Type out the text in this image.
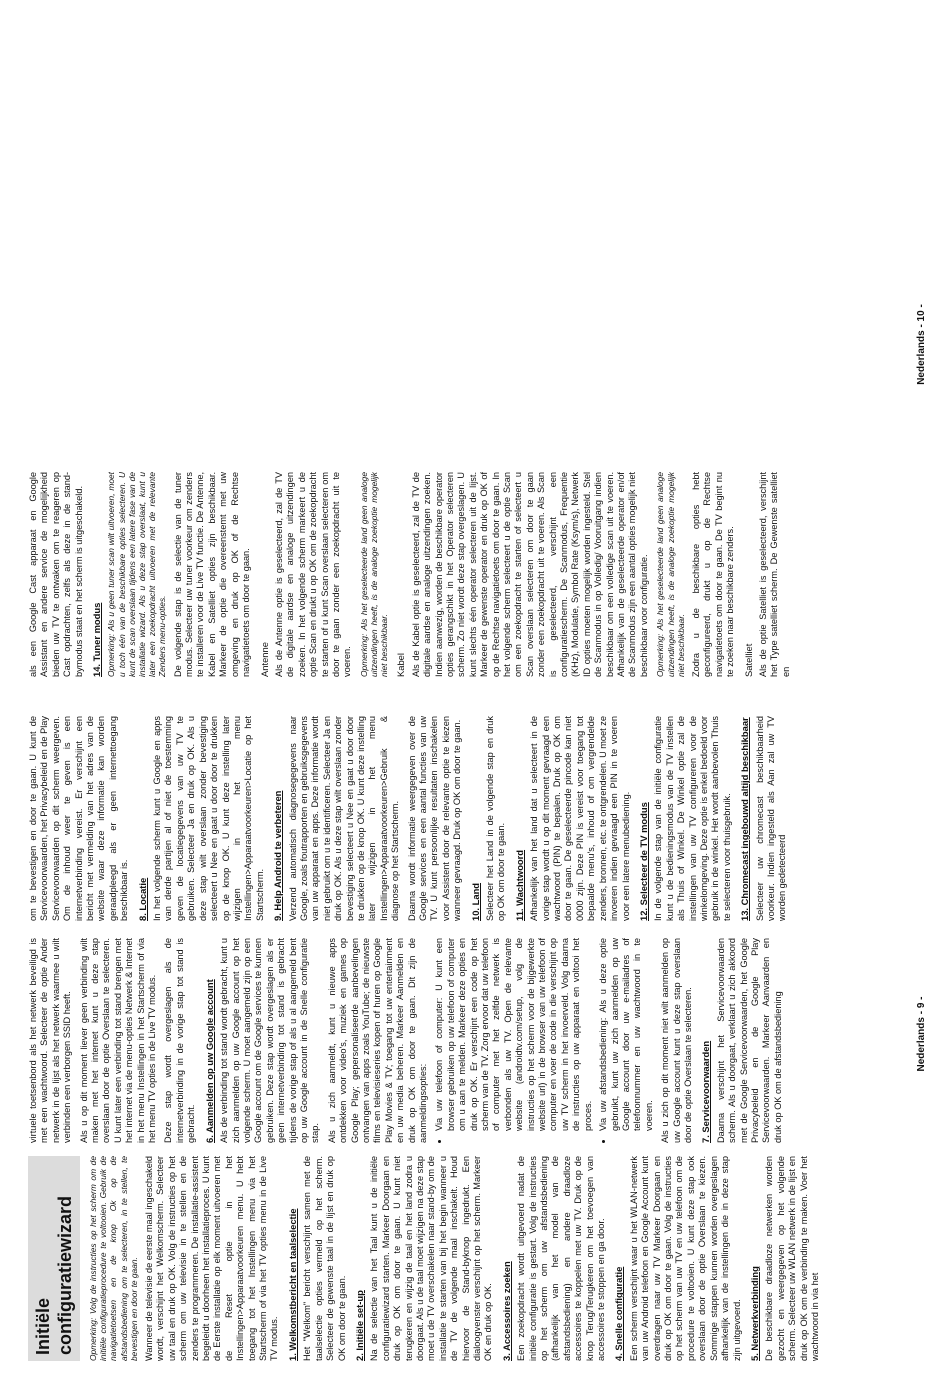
Initiële configuratiewizard	Opmerking: Volg de instructies op het scherm om de initiële configuratieprocedure te voltooien. Gebruik de navigatietoetsen en de knop Ok op de afstandsbediening om te selecteren, in te stellen, te bevestigen en door te gaan. Wanneer de televisie de eerste maal ingeschakeld wordt, verschijnt het Welkomscherm. Selecteer uw taal en druk op OK. Volg de instructies op het scherm om uw televisie in te stellen en de zenders te programmeren. De installatie-assistent begeleidt u doorheen het installatieproces. U kunt de Eerste installatie op elk moment uitvoeren met de Reset optie in het Instellingen>Apparaatvoorkeuren menu. U hebt toegang tot het Instellingen menu via het Startscherm of via het TV opties menu in de Live TV modus. 1. Welkomstbericht en taalselectie Het "Welkom" bericht verschijnt samen met de taalselectie opties vermeld op het scherm. Selecteer de gewenste taal in de lijst en druk op OK om door te gaan. 2. Initiële set-up Na de selectie van het Taal kunt u de initiële configuratiewizard starten. Markeer Doorgaan en druk op OK om door te gaan. U kunt niet terugkeren en wijzig de taal en het land zodra u doorgaat. Als u de taal moet wijzigen na deze stap moet u de TV overschakelen naar stand-by om de installatie te starten van bij het begin wanneer u de TV de volgende maal inschakelt. Houd hiervoor de Stand-byknop ingedrukt. Een dialoogvenster verschijnt op het scherm. Markeer OK en druk op OK. 3. Accessoires zoeken Een zoekopdracht wordt uitgevoerd nadat de initiële configuratie is gestart. Volg de instructies op het scherm om uw afstandsbediening (afhankelijk van het model van de afstandsbediening) en andere draadloze accessoires te koppelen met uw TV. Druk op de knop Terug/Terugkeren om het toevoegen van accessoires te stoppen en ga door. 4. Snelle configuratie Een scherm verschijnt waar u het WLAN-netwerk van uw Android telefoon en Google Account kunt overdragen naar uw TV Markeer Doorgaan en druk op OK om door te gaan. Volg de instructies op het scherm van uw TV en uw telefoon om de procedure te voltooien. U kunt deze stap ook overslaan door de optie Overslaan te kiezen. Sommige stappen kunnen worden overgeslagen afhankelijk van de instellingen die in deze stap zijn uitgevoerd. 5. Netwerkverbinding De beschikbare draadloze netwerken worden gezocht en weergegeven op het volgende scherm. Selecteer uw WLAN netwerk in de lijst en druk op OK om de verbinding te maken. Voer het wachtwoord in via het

virtuele toetsenbord als het netwerk beveiligd is met een wachtwoord. Selecteer de optie Ander netwerk in de lijst als het netwerk waarmee u wilt verbinden een verborgen SSID heeft. Als u op dit moment liever geen verbinding wilt maken met het internet kunt u deze stap overslaan door de optie Overslaan te selecteren. U kunt later een verbinding tot stand brengen met het internet via de menu-opties Netwerk & Internet in het menu Instellingen in het Startscherm of via het menu TV opties in de Live TV modus. Deze stap wordt overgeslagen als de internetverbinding in de vorige stap tot stand is gebracht. 6. Aanmelden op uw Google account Als de verbinding tot stand wordt gebracht, kunt u zich aanmelden op uw Google account op het volgende scherm. U moet aangemeld zijn op een Google account om de Google services te kunnen gebruiken. Deze stap wordt overgeslagen als er geen internetverbinding tot stand is gebracht tijdens de vorige stap of als u al aangemeld bent op uw Google account in de Snelle configuratie stap. Als u zich aanmeldt, kunt u nieuwe apps ontdekken voor video's, muziek en games op Google Play; gepersonaliseerde aanbevelingen ontvangen van apps zoals YouTube; de nieuwste films en televisieseries kopen of huren op Google Play Movies & TV; toegang tot uw entertainment en uw media beheren. Markeer Aanmelden en druk op OK om door te gaan. Dit zijn de aanmeldingsopties: • Via uw telefoon of computer: U kunt een browser gebruiken op uw telefoon of computer om u aan te melden. Markeer deze opties en druk op OK. Er verschijnt een code op het scherm van de TV. Zorg ervoor dat uw telefoon of computer met het zelfde netwerk is verbonden als uw TV. Open de relevante website (androidtv.com/setup, volg de instructies op het scherm voor de bijgewerkte website url) in de browser van uw telefoon of computer en voer de code in die verschijnt op uw TV scherm in het invoerveld. Volg daarna de instructies op uw apparaat en voltooi het proces. • Via uw afstandsbediening: Als u deze optie gebruikt, kunt uw zich aanmelden op uw Google account door uw e-mailadres of telefoonnummer en uw wachtwoord in te voeren. Als u zich op dit moment niet wilt aanmelden op uw Google account kunt u deze stap overslaan door de optie Overslaan te selecteren. 7. Servicevoorwaarden Daarna verschijnt het Servicevoorwaarden scherm. Als u doorgaat, verklaart u zich akkoord met de Google Servicevoorwaarden, het Google Privacybeleid en de Google Play Servicevoorwaarden. Markeer Aanvaarden en druk op OK om de afstandsbediening

om te bevestigen en door te gaan. U kunt de Servicevoorwaarden, het Privacybeleid en de Play Servicevoorwaarden op dit scherm weergeven. Om de inhoud weer te geven is een internetverbinding vereist. Er verschijnt een bericht met vermelding van het adres van de website waar deze informatie kan worden geraadpleegd als er geen internettoegang beschikbaar is. 8. Locatie In het volgende scherm kunt u Google en apps van derde partijen al of niet de toestemming geven de locatiegegevens van uw TV te gebruiken. Selecteer Ja en druk op OK. Als u deze stap wilt overslaan zonder bevestiging selecteert u Nee en gaat u door door te drukken op de knop OK. U kunt deze instelling later wijzigen in het menu Instellingen>Apparaatvoorkeuren>Locatie op het Startscherm. 9. Help Android te verbeteren Verzend automatisch diagnosegegevens naar Google, zoals foutrapporten en gebruiksgegevens van uw apparaat en apps. Deze informatie wordt niet gebruikt om u te identificeren. Selecteer Ja en druk op OK. Als u deze stap wilt overslaan zonder bevestiging selecteert u Nee en gaat u door door te drukken op de knop OK. U kunt deze instelling later wijzigen in het menu Instellingen>Apparaatvoorkeuren>Gebruik & diagnose op het Startscherm. Daarna wordt informatie weergegeven over de Google services en een aantal functies van uw TV. U kunt persoonlijke resultaten inschakelen voor Assistent door de relevante optie te kiezen wanneer gevraagd. Druk op OK om door te gaan. 10. Land Selecteer het Land in de volgende stap en druk op OK om door te gaan. 11. Wachtwoord Afhankelijk van het land dat u selecteert in de vorige stap wordt u op dit moment gevraagd een wachtwoord (PIN) te bepalen. Druk op OK om door te gaan. De geselecteerde pincode kan niet 0000 zijn. Deze PIN is vereist voor toegang tot bepaalde menu's, inhoud of om vergrendelde zenders, bronnen, etc. te ontgrendelen. U moet ze invoeren indien gevraagd een PIN in te voeren voor een latere menubediening. 12. Selecteer de TV modus In de volgende stap van de initiële configuratie kunt u de bedieningsmodus van de TV instellen als Thuis of Winkel. De Winkel optie zal de instellingen van uw TV configureren voor de winkelomgeving. Deze optie is enkel bedoeld voor gebruik in de winkel. Het wordt aanbevolen Thuis te selecteren voor thuisgebruik. 13. Chromecast ingebouwd altijd beschikbaar Selecteer uw chromecast beschikbaarheid voorkeur. Indien ingesteld als Aan zal uw TV worden gedetecteerd

Nederlands - 9 -

als een Google Cast apparaat en Google Assistant en andere service de mogelijkheid bieden uw TV te ontwaken om te reageren op Cast opdrachten, zelfs als deze in de stand-bymodus staat en het scherm is uitgeschakeld. 14. Tuner modus Opmerking: Als u geen tuner scan wilt uitvoeren, moet u toch één van de beschikbare opties selecteren. U kunt de scan overslaan tijdens een latere fase van de installatie wizard. Als u deze stap overslaat, kunt u later een zoekopdracht uitvoeren met de relevante Zenders menu-opties. De volgende stap is de selectie van de tuner modus. Selecteer uw tuner voorkeur om zenders te installeren voor de Live TV functie. De Antenne, Kabel en Satelliet opties zijn beschikbaar. Markeer de optie die overeenstemt met uw omgeving en druk op OK of de Rechtse navigatietoets om door te gaan. Antenne Als de Antenne optie is geselecteerd, zal de TV de digitale aardse en analoge uitzendingen zoeken. In het volgende scherm markeert u de optie Scan en drukt u op OK om de zoekopdracht te starten of u kunt Scan overslaan selecteren om door te gaan zonder een zoekopdracht uit te voeren. Opmerking: Als het geselecteerde land geen analoge uitzendingen heeft, is de analoge zoekoptie mogelijk niet beschikbaar. Kabel Als de Kabel optie is geselecteerd, zal de TV de digitale aardse en analoge uitzendingen zoeken. Indien aanwezig, worden de beschikbare operator opties gerangschikt in het Operator selecteren scherm. Zo niet wordt deze stap overgeslagen. U kunt slechts één operator selecteren uit de lijst. Markeer de gewenste operator en druk op OK of op de Rechtse navigatietoets om door te gaan. In het volgende scherm selecteert u de optie Scan om een zoekopdracht te starten of selecteert u Scan overslaan selecteren om door te gaan zonder een zoekopdracht uit te voeren. Als Scan is geselecteerd, verschijnt een configuratiescherm. De Scanmodus, Frequentie (KHz), Modulatie, Symbol Rate (Ksym/s), Netwerk ID opties moeten mogelijk worden ingesteld. Stel de Scanmodus in op Volledig/ Vooruitgang indien beschikbaar om een volledige scan uit te voeren. Afhankelijk van de geselecteerde operator en/of de Scanmodus zijn een aantal opties mogelijk niet beschikbaar voor configuratie. Opmerking: Als het geselecteerde land geen analoge uitzendingen heeft, is de analoge zoekoptie mogelijk niet beschikbaar. Zodra u de beschikbare opties hebt geconfigureerd, drukt u op de Rechtse navigatietoets om door te gaan. De TV begint nu te zoeken naar beschikbare zenders. Satelliet Als de optie Satelliet is geselecteerd, verschijnt het Type satelliet scherm. De Gewenste satelliet en

Nederlands - 10 -
